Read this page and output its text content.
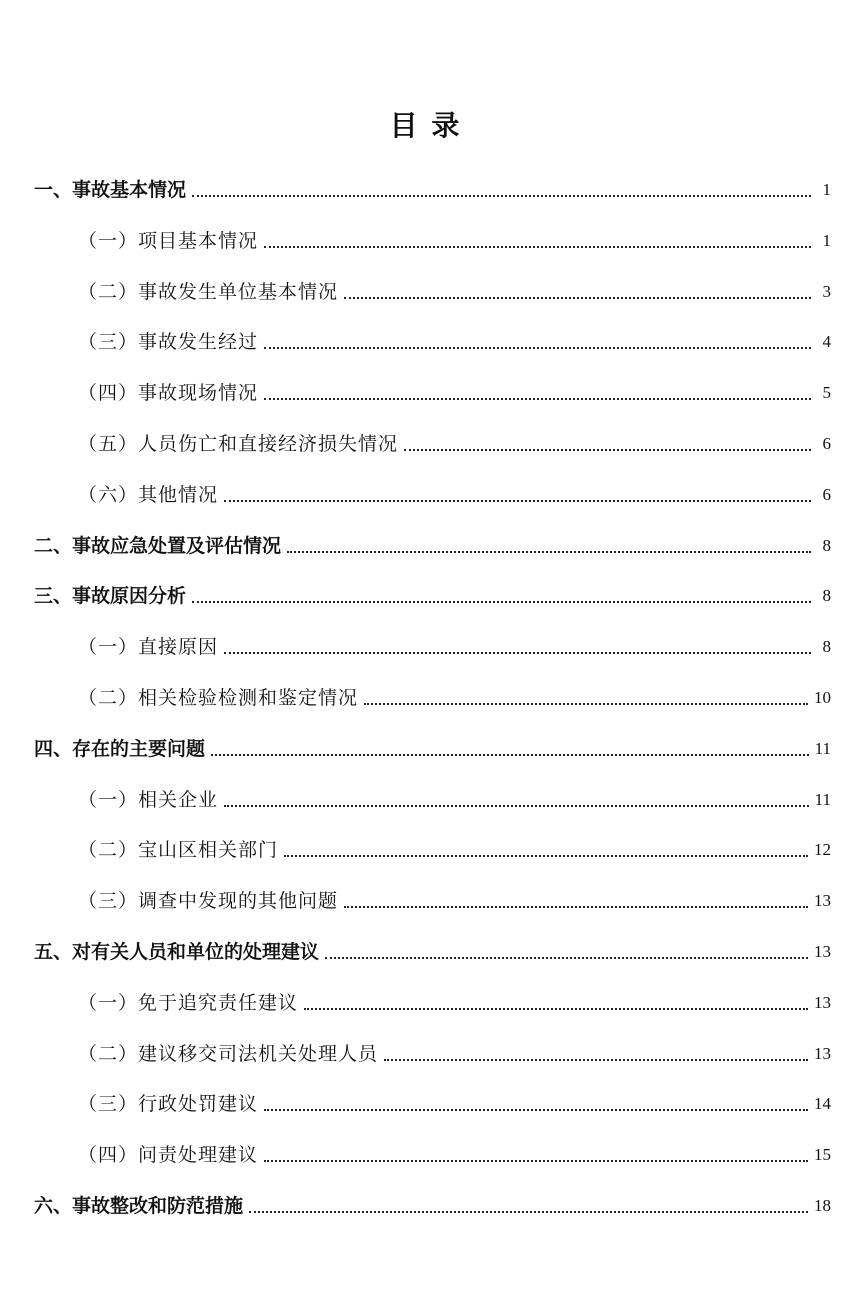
目 录
一、事故基本情况	1
（一）项目基本情况	1
（二）事故发生单位基本情况	3
（三）事故发生经过	4
（四）事故现场情况	5
（五）人员伤亡和直接经济损失情况	6
（六）其他情况	6
二、事故应急处置及评估情况	8
三、事故原因分析	8
（一）直接原因	8
（二）相关检验检测和鉴定情况	10
四、存在的主要问题	11
（一）相关企业	11
（二）宝山区相关部门	12
（三）调查中发现的其他问题	13
五、对有关人员和单位的处理建议	13
（一）免于追究责任建议	13
（二）建议移交司法机关处理人员	13
（三）行政处罚建议	14
（四）问责处理建议	15
六、事故整改和防范措施	18
